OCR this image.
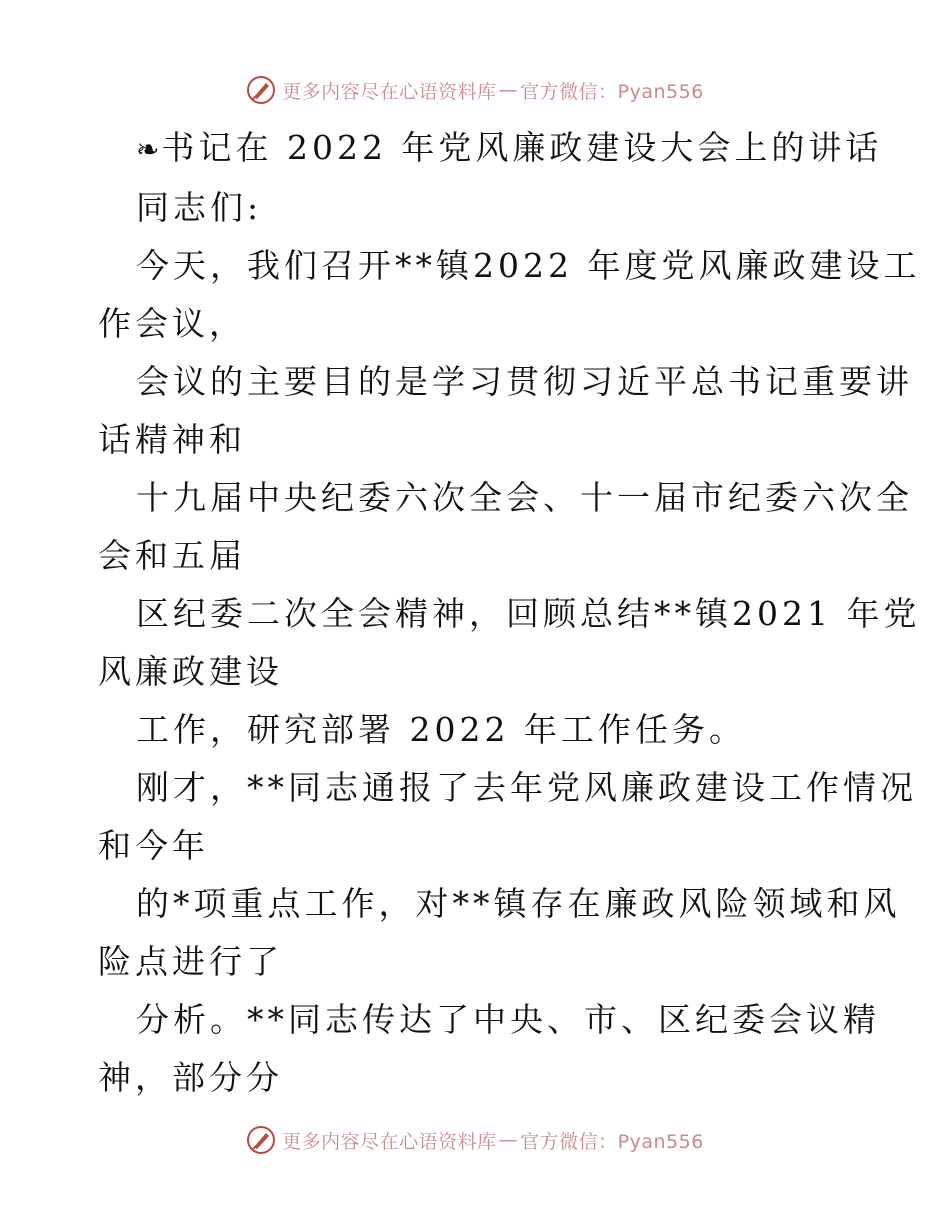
更多内容尽在心语资料库 — 官方微信：Pyan556
❧书记在 2022 年党风廉政建设大会上的讲话
同志们:
今天，我们召开**镇2022 年度党风廉政建设工
作会议，
会议的主要目的是学习贯彻习近平总书记重要讲
话精神和
十九届中央纪委六次全会、十一届市纪委六次全
会和五届
区纪委二次全会精神，回顾总结**镇2021 年党
风廉政建设
工作，研究部署 2022 年工作任务。
刚才，**同志通报了去年党风廉政建设工作情况
和今年
的*项重点工作，对**镇存在廉政风险领域和风
险点进行了
分析。**同志传达了中央、市、区纪委会议精
神，部分分
更多内容尽在心语资料库 — 官方微信：Pyan556
